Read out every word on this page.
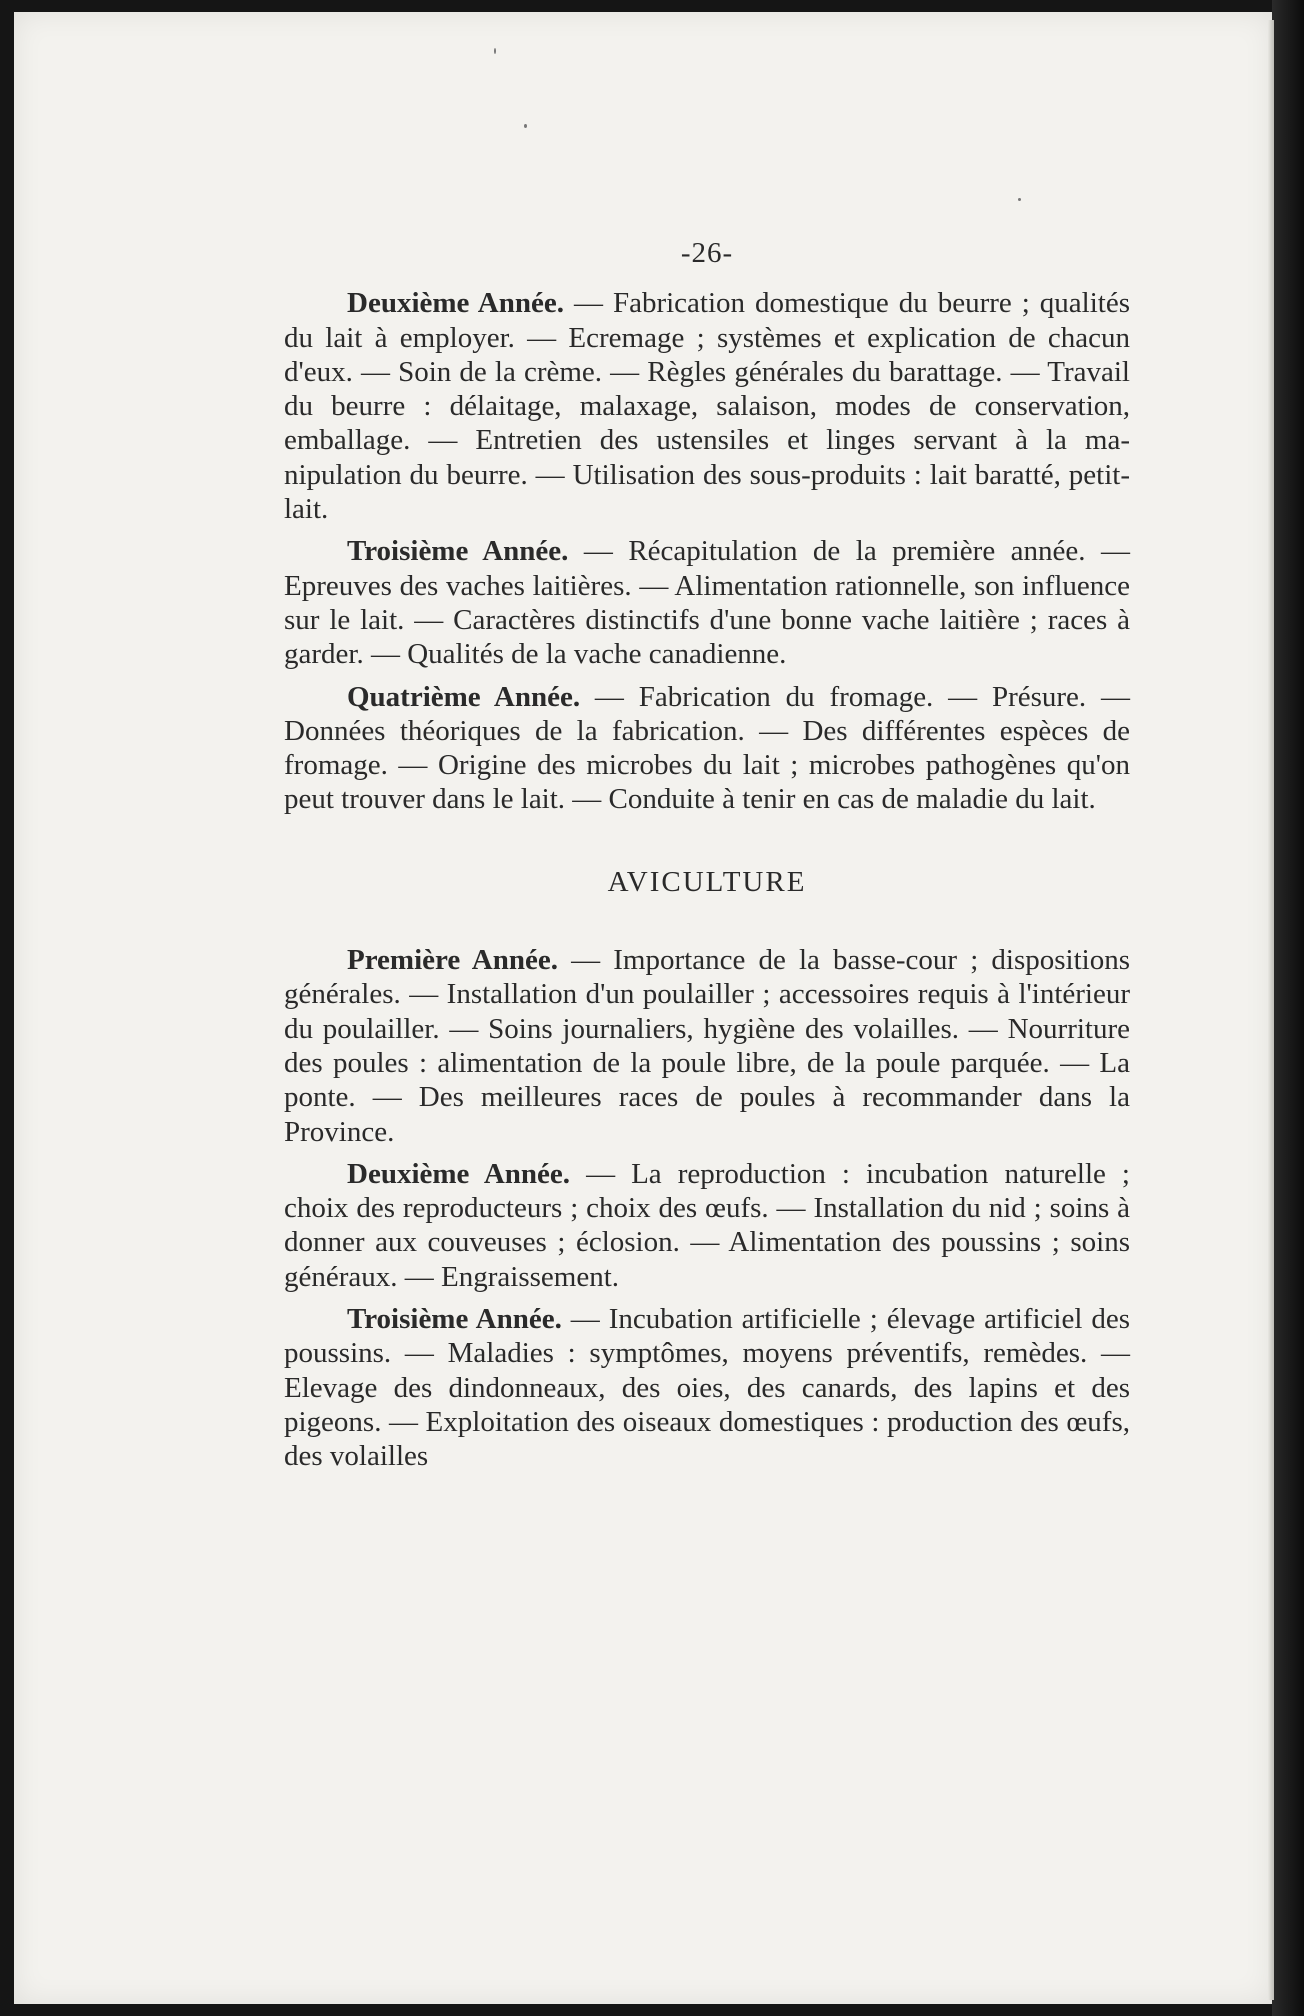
-26-

Deuxième Année. — Fabrication domestique du beurre ; qualités du lait à employer. — Ecremage ; systèmes et explication de chacun d'eux. — Soin de la crème. — Règles générales du barattage. — Travail du beurre : délaitage, malaxage, salaison, modes de conservation, emballage. — Entretien des ustensiles et linges servant à la manipulation du beurre. — Utilisation des sous-produits : lait baratté, petit-lait.

Troisième Année. — Récapitulation de la première année. — Epreuves des vaches laitières. — Alimentation rationnelle, son influence sur le lait. — Caractères distinctifs d'une bonne vache laitière ; races à garder. — Qualités de la vache canadienne.

Quatrième Année. — Fabrication du fromage. — Présure. — Données théoriques de la fabrication. — Des différentes espèces de fromage. — Origine des microbes du lait ; microbes pathogènes qu'on peut trouver dans le lait. — Conduite à tenir en cas de maladie du lait.

AVICULTURE

Première Année. — Importance de la basse-cour ; dispositions générales. — Installation d'un poulailler ; accessoires requis à l'intérieur du poulailler. — Soins journaliers, hygiène des volailles. — Nourriture des poules : alimentation de la poule libre, de la poule parquée. — La ponte. — Des meilleures races de poules à recommander dans la Province.

Deuxième Année. — La reproduction : incubation naturelle ; choix des reproducteurs ; choix des œufs. — Installation du nid ; soins à donner aux couveuses ; éclosion. — Alimentation des poussins ; soins généraux. — Engraissement.

Troisième Année. — Incubation artificielle ; élevage artificiel des poussins. — Maladies : symptômes, moyens préventifs, remèdes. — Elevage des dindonneaux, des oies, des canards, des lapins et des pigeons. — Exploitation des oiseaux domestiques : production des œufs, des volailles
